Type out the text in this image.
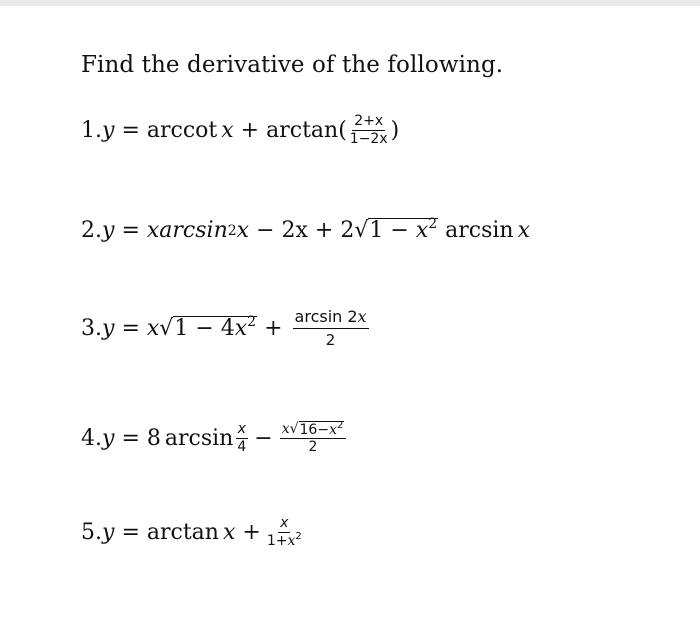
Find the derivative of the following.
1. y = arccot $x + \arctan( \frac{2+x}{1-2x}$ )
2. y = xarcsin 2 x − 2x + 2 √ $1 - x^2$ arcsin x
3. y = x √ $1 - 4x^2 + \frac{\arcsin 2x}{2}$
4. y = 8 $\arcsin \frac{x}{4} - \frac{x √ 16-x^2}{2}$
5. $y = \arctan x + \frac{x}{1+x^2}$
